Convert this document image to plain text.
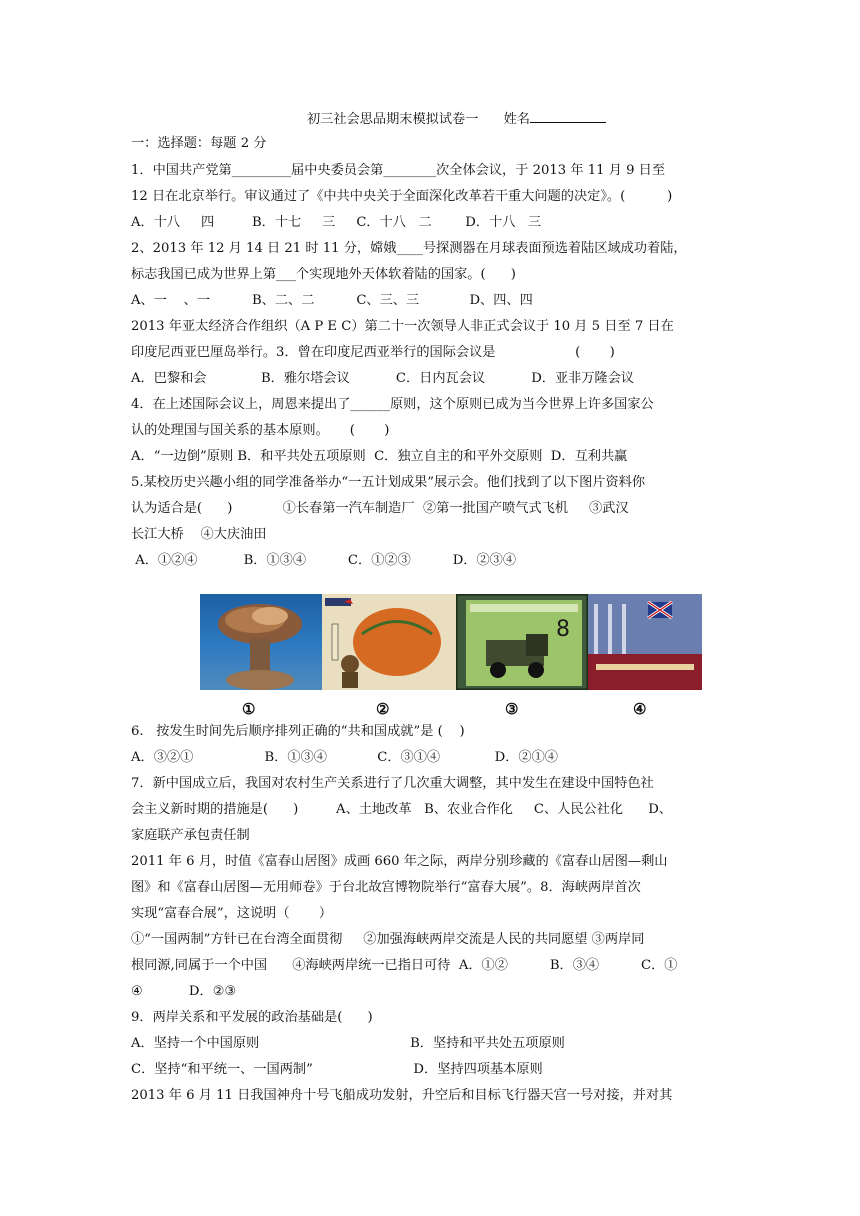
初三社会思品期末模拟试卷一 姓名
一：选择题：每题 2 分
1．中国共产党第_________届中央委员会第________次全体会议，于 2013 年 11 月 9 日至
12 日在北京举行。审议通过了《中共中央关于全面深化改革若干重大问题的决定》。(          )
A．十八     四         B．十七     三     C．十八   二        D．十八   三
2、2013 年 12 月 14 日 21 时 11 分，嫦娥____号探测器在月球表面预选着陆区域成功着陆，
标志我国已成为世界上第___个实现地外天体软着陆的国家。(      )
A、一    、一          B、二、二          C、三、三            D、四、四
2013 年亚太经济合作组织（A P E C）第二十一次领导人非正式会议于 10 月 5 日至 7 日在
印度尼西亚巴厘岛举行。3．曾在印度尼西亚举行的国际会议是                   (       )
A．巴黎和会             B．雅尔塔会议           C．日内瓦会议           D．亚非万隆会议
4．在上述国际会议上，周恩来提出了______原则，这个原则已成为当今世界上许多国家公
认的处理国与国关系的基本原则。     (       )
A．“一边倒”原则 B．和平共处五项原则  C．独立自主的和平外交原则  D．互利共赢
5.某校历史兴趣小组的同学准备举办“一五计划成果”展示会。他们找到了以下图片资料你
认为适合是(      )            ①长春第一汽车制造厂  ②第一批国产喷气式飞机     ③武汉
长江大桥    ④大庆油田
A．①②④           B．①③④          C．①②③          D．②③④
8
①	②	③	④
6.   按发生时间先后顺序排列正确的“共和国成就”是 (    )
A．③②①                 B．①③④            C．③①④             D．②①④
7．新中国成立后，我国对农村生产关系进行了几次重大调整，其中发生在建设中国特色社
会主义新时期的措施是(      )         A、土地改革   B、农业合作化     C、人民公社化      D、
家庭联产承包责任制
2011 年 6 月，时值《富春山居图》成画 660 年之际，两岸分别珍藏的《富春山居图—剩山
图》和《富春山居图—无用师卷》于台北故宫博物院举行“富春大展”。8．海峡两岸首次
实现“富春合展”，这说明（       ）
①“一国两制”方针已在台湾全面贯彻     ②加强海峡两岸交流是人民的共同愿望 ③两岸同
根同源,同属于一个中国      ④海峡两岸统一已指日可待  A．①②          B．③④          C．①
④           D．②③
9．两岸关系和平发展的政治基础是(      )
A．坚持一个中国原则                                    B．坚持和平共处五项原则
C．坚持“和平统一、一国两制”                        D．坚持四项基本原则
2013 年 6 月 11 日我国神舟十号飞船成功发射，升空后和目标飞行器天宫一号对接，并对其
